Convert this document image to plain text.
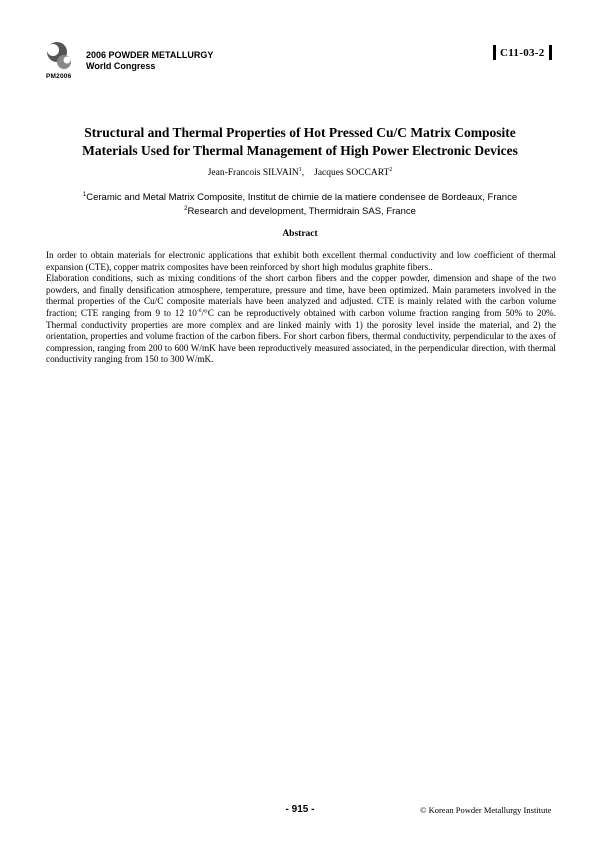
PM2006
2006 POWDER METALLURGY
World Congress
C11-03-2
Structural and Thermal Properties of Hot Pressed Cu/C Matrix Composite
Materials Used for Thermal Management of High Power Electronic Devices
Jean-Francois SILVAIN$^1$, Jacques SOCCART$^2$
$^1$Ceramic and Metal Matrix Composite, Institut de chimie de la matiere condensee de Bordeaux, France
$^2$Research and development, Thermidrain SAS, France
Abstract

In order to obtain materials for electronic applications that exhibit both excellent thermal conductivity and low coefficient of thermal expansion (CTE), copper matrix composites have been reinforced by short high modulus graphite fibers..

Elaboration conditions, such as mixing conditions of the short carbon fibers and the copper powder, dimension and shape of the two powders, and finally densification atmosphere, temperature, pressure and time, have been optimized. Main parameters involved in the thermal properties of the Cu/C composite materials have been analyzed and adjusted. CTE is mainly related with the carbon volume fraction; CTE ranging from 9 to 12 $10^{-6}/^\circ C$ can be reproductively obtained with carbon volume fraction ranging from 50% to 20%. Thermal conductivity properties are more complex and are linked mainly with 1) the porosity level inside the material, and 2) the orientation, properties and volume fraction of the carbon fibers. For short carbon fibers, thermal conductivity, perpendicular to the axes of compression, ranging from 200 to 600 W/mK have been reproductively measured associated, in the perpendicular direction, with thermal conductivity ranging from 150 to 300 W/mK.

- 915 -	© Korean Powder Metallurgy Institute
